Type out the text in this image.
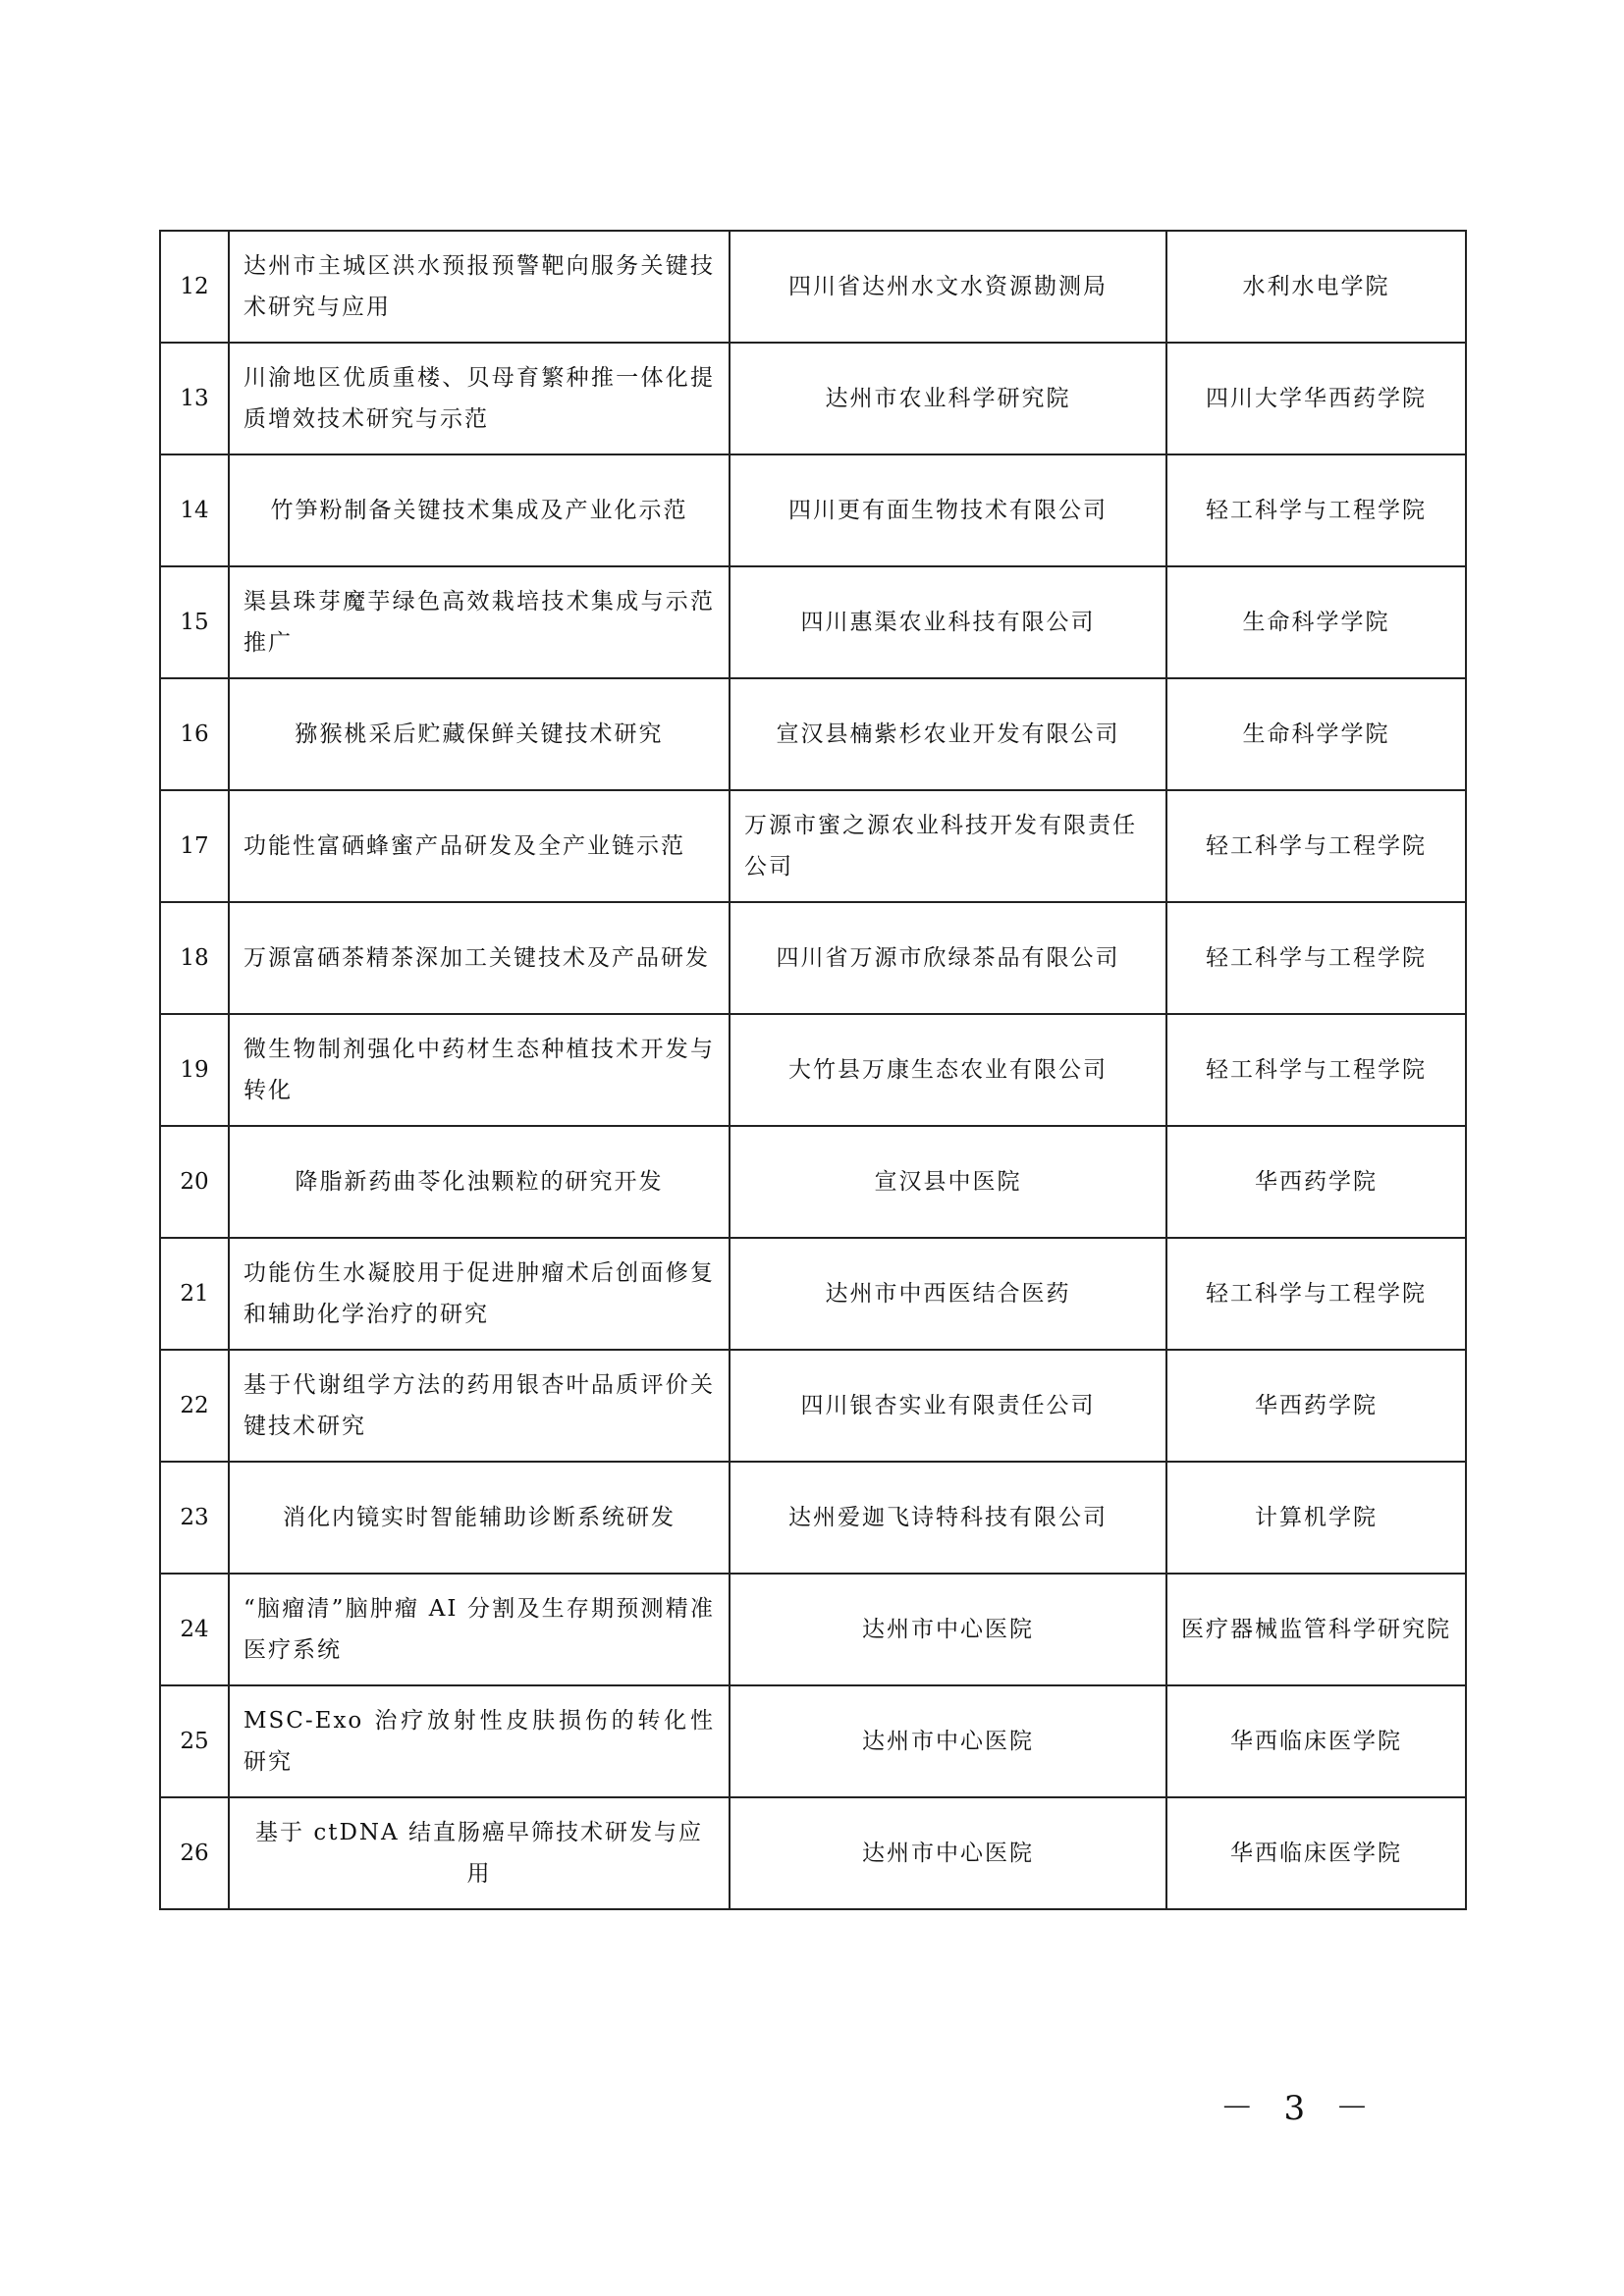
12	达州市主城区洪水预报预警靶向服务关键技术研究与应用	四川省达州水文水资源勘测局	水利水电学院
13	川渝地区优质重楼、贝母育繁种推一体化提质增效技术研究与示范	达州市农业科学研究院	四川大学华西药学院
14	竹笋粉制备关键技术集成及产业化示范	四川更有面生物技术有限公司	轻工科学与工程学院
15	渠县珠芽魔芋绿色高效栽培技术集成与示范推广	四川惠渠农业科技有限公司	生命科学学院
16	猕猴桃采后贮藏保鲜关键技术研究	宣汉县楠紫杉农业开发有限公司	生命科学学院
17	功能性富硒蜂蜜产品研发及全产业链示范	万源市蜜之源农业科技开发有限责任公司	轻工科学与工程学院
18	万源富硒茶精茶深加工关键技术及产品研发	四川省万源市欣绿茶品有限公司	轻工科学与工程学院
19	微生物制剂强化中药材生态种植技术开发与转化	大竹县万康生态农业有限公司	轻工科学与工程学院
20	降脂新药曲苓化浊颗粒的研究开发	宣汉县中医院	华西药学院
21	功能仿生水凝胶用于促进肿瘤术后创面修复和辅助化学治疗的研究	达州市中西医结合医药	轻工科学与工程学院
22	基于代谢组学方法的药用银杏叶品质评价关键技术研究	四川银杏实业有限责任公司	华西药学院
23	消化内镜实时智能辅助诊断系统研发	达州爱迦飞诗特科技有限公司	计算机学院
24	“脑瘤清”脑肿瘤 AI 分割及生存期预测精准医疗系统	达州市中心医院	医疗器械监管科学研究院
25	MSC-Exo 治疗放射性皮肤损伤的转化性研究	达州市中心医院	华西临床医学院
26	基于 ctDNA 结直肠癌早筛技术研发与应用	达州市中心医院	华西临床医学院
－ 3 －
